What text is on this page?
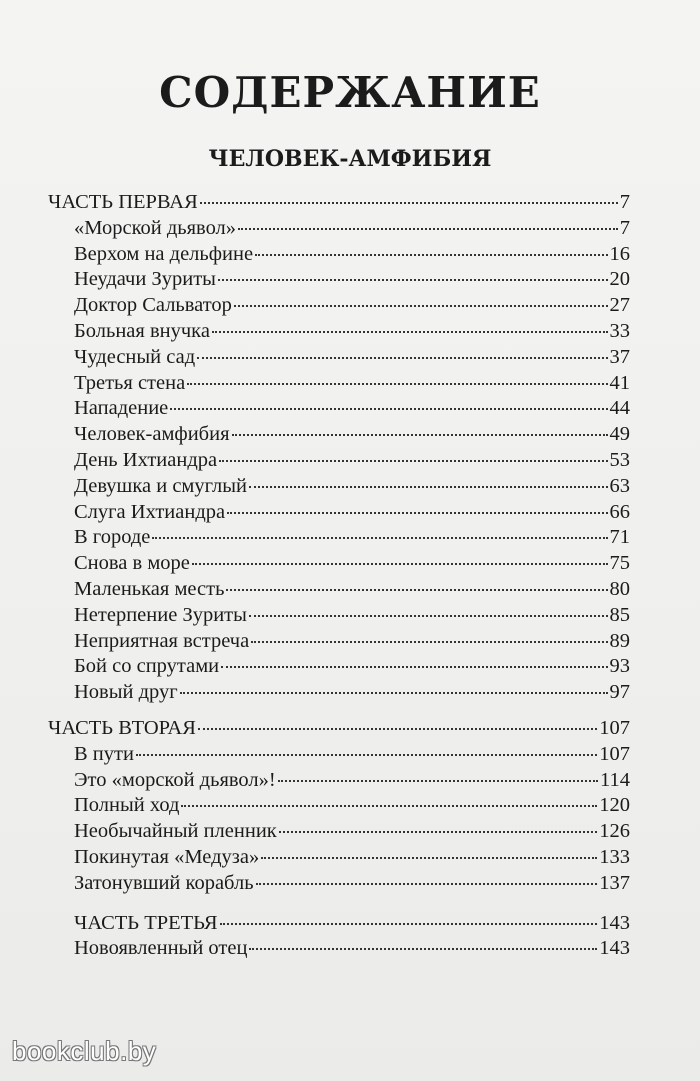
СОДЕРЖАНИЕ
ЧЕЛОВЕК-АМФИБИЯ
ЧАСТЬ ПЕРВАЯ	7
«Морской дьявол»	7
Верхом на дельфине	16
Неудачи Зуриты	20
Доктор Сальватор	27
Больная внучка	33
Чудесный сад	37
Третья стена	41
Нападение	44
Человек-амфибия	49
День Ихтиандра	53
Девушка и смуглый	63
Слуга Ихтиандра	66
В городе	71
Снова в море	75
Маленькая месть	80
Нетерпение Зуриты	85
Неприятная встреча	89
Бой со спрутами	93
Новый друг	97
ЧАСТЬ ВТОРАЯ	107
В пути	107
Это «морской дьявол»!	114
Полный ход	120
Необычайный пленник	126
Покинутая «Медуза»	133
Затонувший корабль	137
ЧАСТЬ ТРЕТЬЯ	143
Новоявленный отец	143
bookclub.by
